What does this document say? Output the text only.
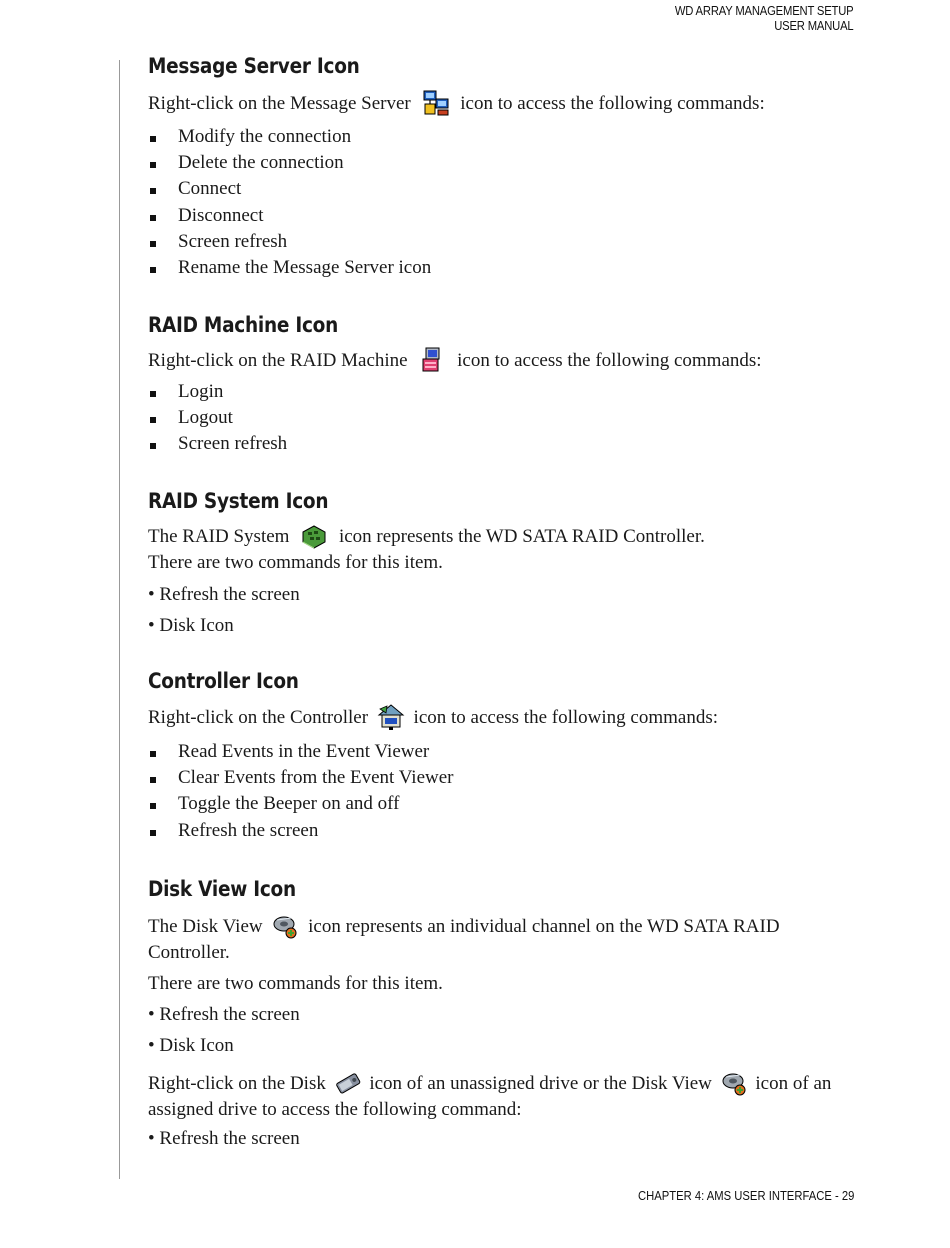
WD ARRAY MANAGEMENT SETUP
USER MANUAL
Message Server Icon

Right-click on the Message Server	icon to access the following commands:

Modify the connection
Delete the connection
Connect
Disconnect
Screen refresh
Rename the Message Server icon
RAID Machine Icon

Right-click on the RAID Machine	icon to access the following commands:

Login
Logout
Screen refresh
RAID System Icon

The RAID System	icon represents the WD SATA RAID Controller.

There are two commands for this item.

• Refresh the screen
• Disk Icon
Controller Icon

Right-click on the Controller icon to access the following commands:

Read Events in the Event Viewer
Clear Events from the Event Viewer
Toggle the Beeper on and off
Refresh the screen
Disk View Icon

The Disk View icon represents an individual channel on the WD SATA RAID

Controller.

There are two commands for this item.

• Refresh the screen
• Disk Icon

Right-click on the Disk icon of an unassigned drive or the Disk View icon of an

assigned drive to access the following command:

• Refresh the screen
CHAPTER 4: AMS USER INTERFACE - 29
